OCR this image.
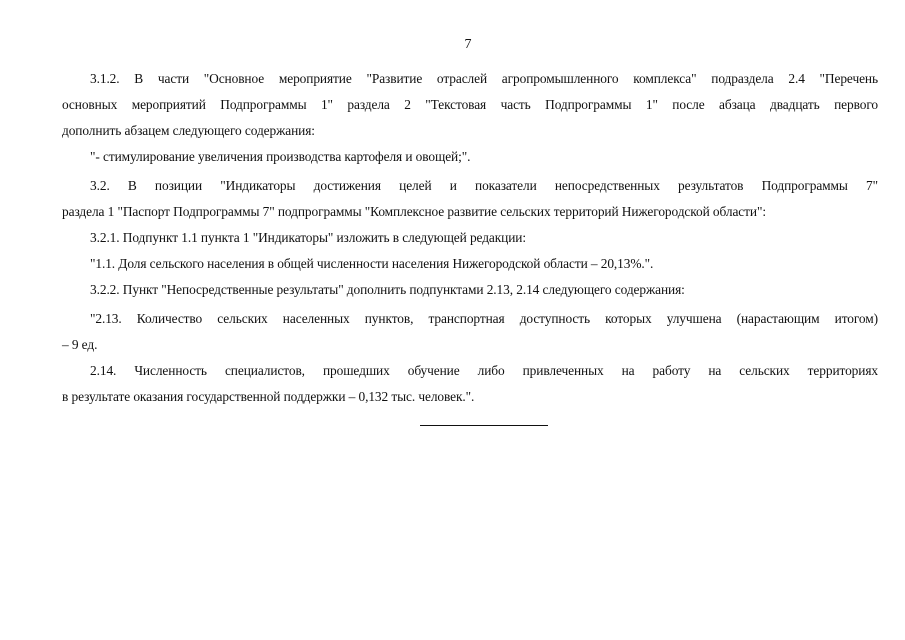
7
3.1.2. В части "Основное мероприятие "Развитие отраслей агропромышленного комплекса" подраздела 2.4 "Перечень
основных мероприятий Подпрограммы 1" раздела 2 "Текстовая часть Подпрограммы 1" после абзаца двадцать первого
дополнить абзацем следующего содержания:
"- стимулирование увеличения производства картофеля и овощей;".
3.2. В позиции "Индикаторы достижения целей и показатели непосредственных результатов Подпрограммы 7"
раздела 1 "Паспорт Подпрограммы 7" подпрограммы "Комплексное развитие сельских территорий Нижегородской области":
3.2.1. Подпункт 1.1 пункта 1 "Индикаторы" изложить в следующей редакции:
"1.1. Доля сельского населения в общей численности населения Нижегородской области – 20,13%.".
3.2.2. Пункт "Непосредственные результаты" дополнить подпунктами 2.13, 2.14 следующего содержания:
"2.13. Количество сельских населенных пунктов, транспортная доступность которых улучшена (нарастающим итогом)
– 9 ед.
2.14. Численность специалистов, прошедших обучение либо привлеченных на работу на сельских территориях
в результате оказания государственной поддержки – 0,132 тыс. человек.".
